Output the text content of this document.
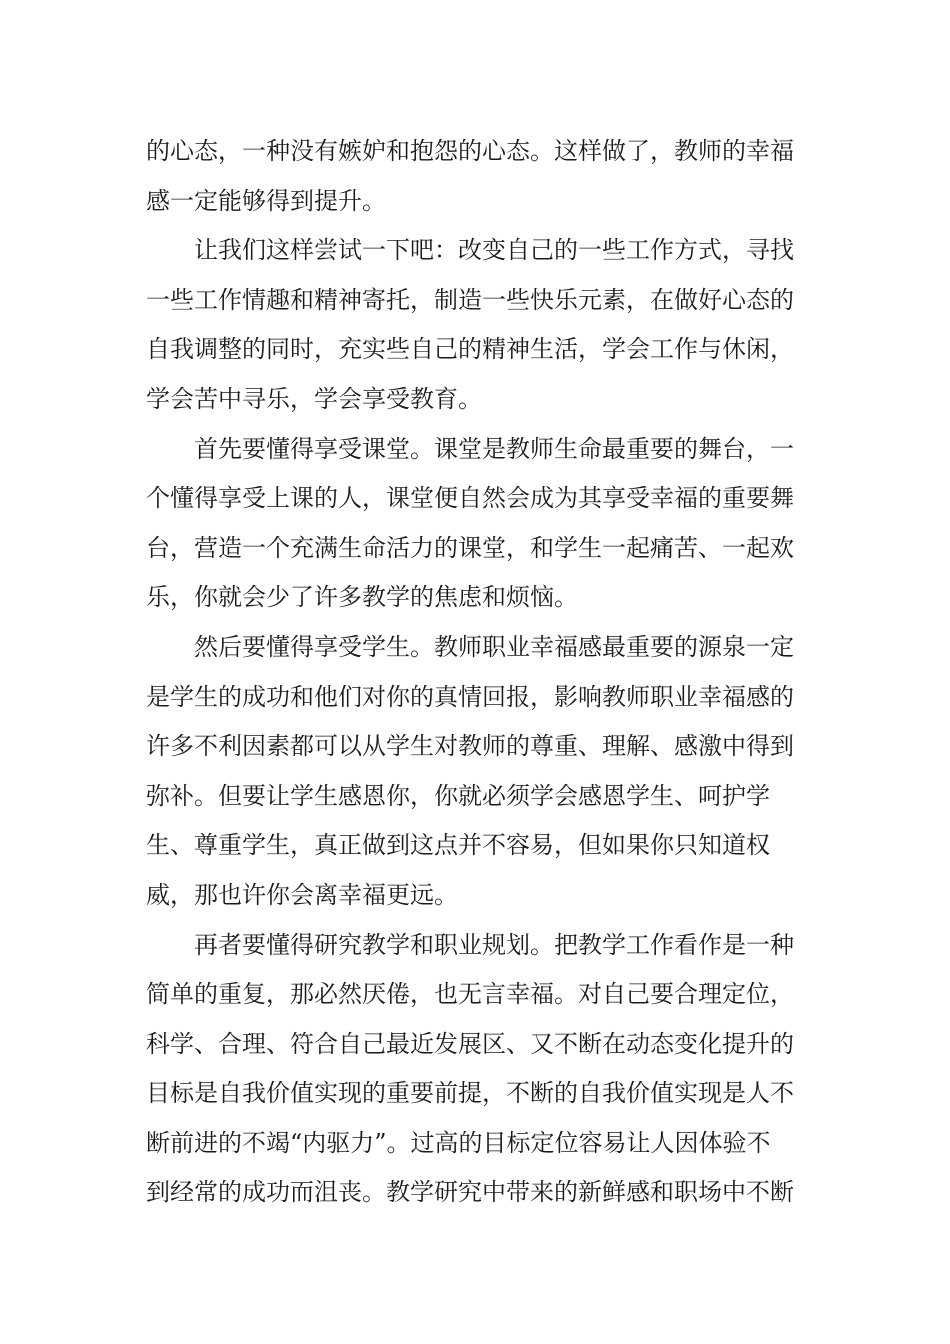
的心态，一种没有嫉妒和抱怨的心态。这样做了，教师的幸福
感一定能够得到提升。
让我们这样尝试一下吧：改变自己的一些工作方式，寻找
一些工作情趣和精神寄托，制造一些快乐元素，在做好心态的
自我调整的同时，充实些自己的精神生活，学会工作与休闲，
学会苦中寻乐，学会享受教育。
首先要懂得享受课堂。课堂是教师生命最重要的舞台，一
个懂得享受上课的人，课堂便自然会成为其享受幸福的重要舞
台，营造一个充满生命活力的课堂，和学生一起痛苦、一起欢
乐，你就会少了许多教学的焦虑和烦恼。
然后要懂得享受学生。教师职业幸福感最重要的源泉一定
是学生的成功和他们对你的真情回报，影响教师职业幸福感的
许多不利因素都可以从学生对教师的尊重、理解、感激中得到
弥补。但要让学生感恩你，你就必须学会感恩学生、呵护学
生、尊重学生，真正做到这点并不容易，但如果你只知道权
威，那也许你会离幸福更远。
再者要懂得研究教学和职业规划。把教学工作看作是一种
简单的重复，那必然厌倦，也无言幸福。对自己要合理定位，
科学、合理、符合自己最近发展区、又不断在动态变化提升的
目标是自我价值实现的重要前提，不断的自我价值实现是人不
断前进的不竭“内驱力”。过高的目标定位容易让人因体验不
到经常的成功而沮丧。教学研究中带来的新鲜感和职场中不断
